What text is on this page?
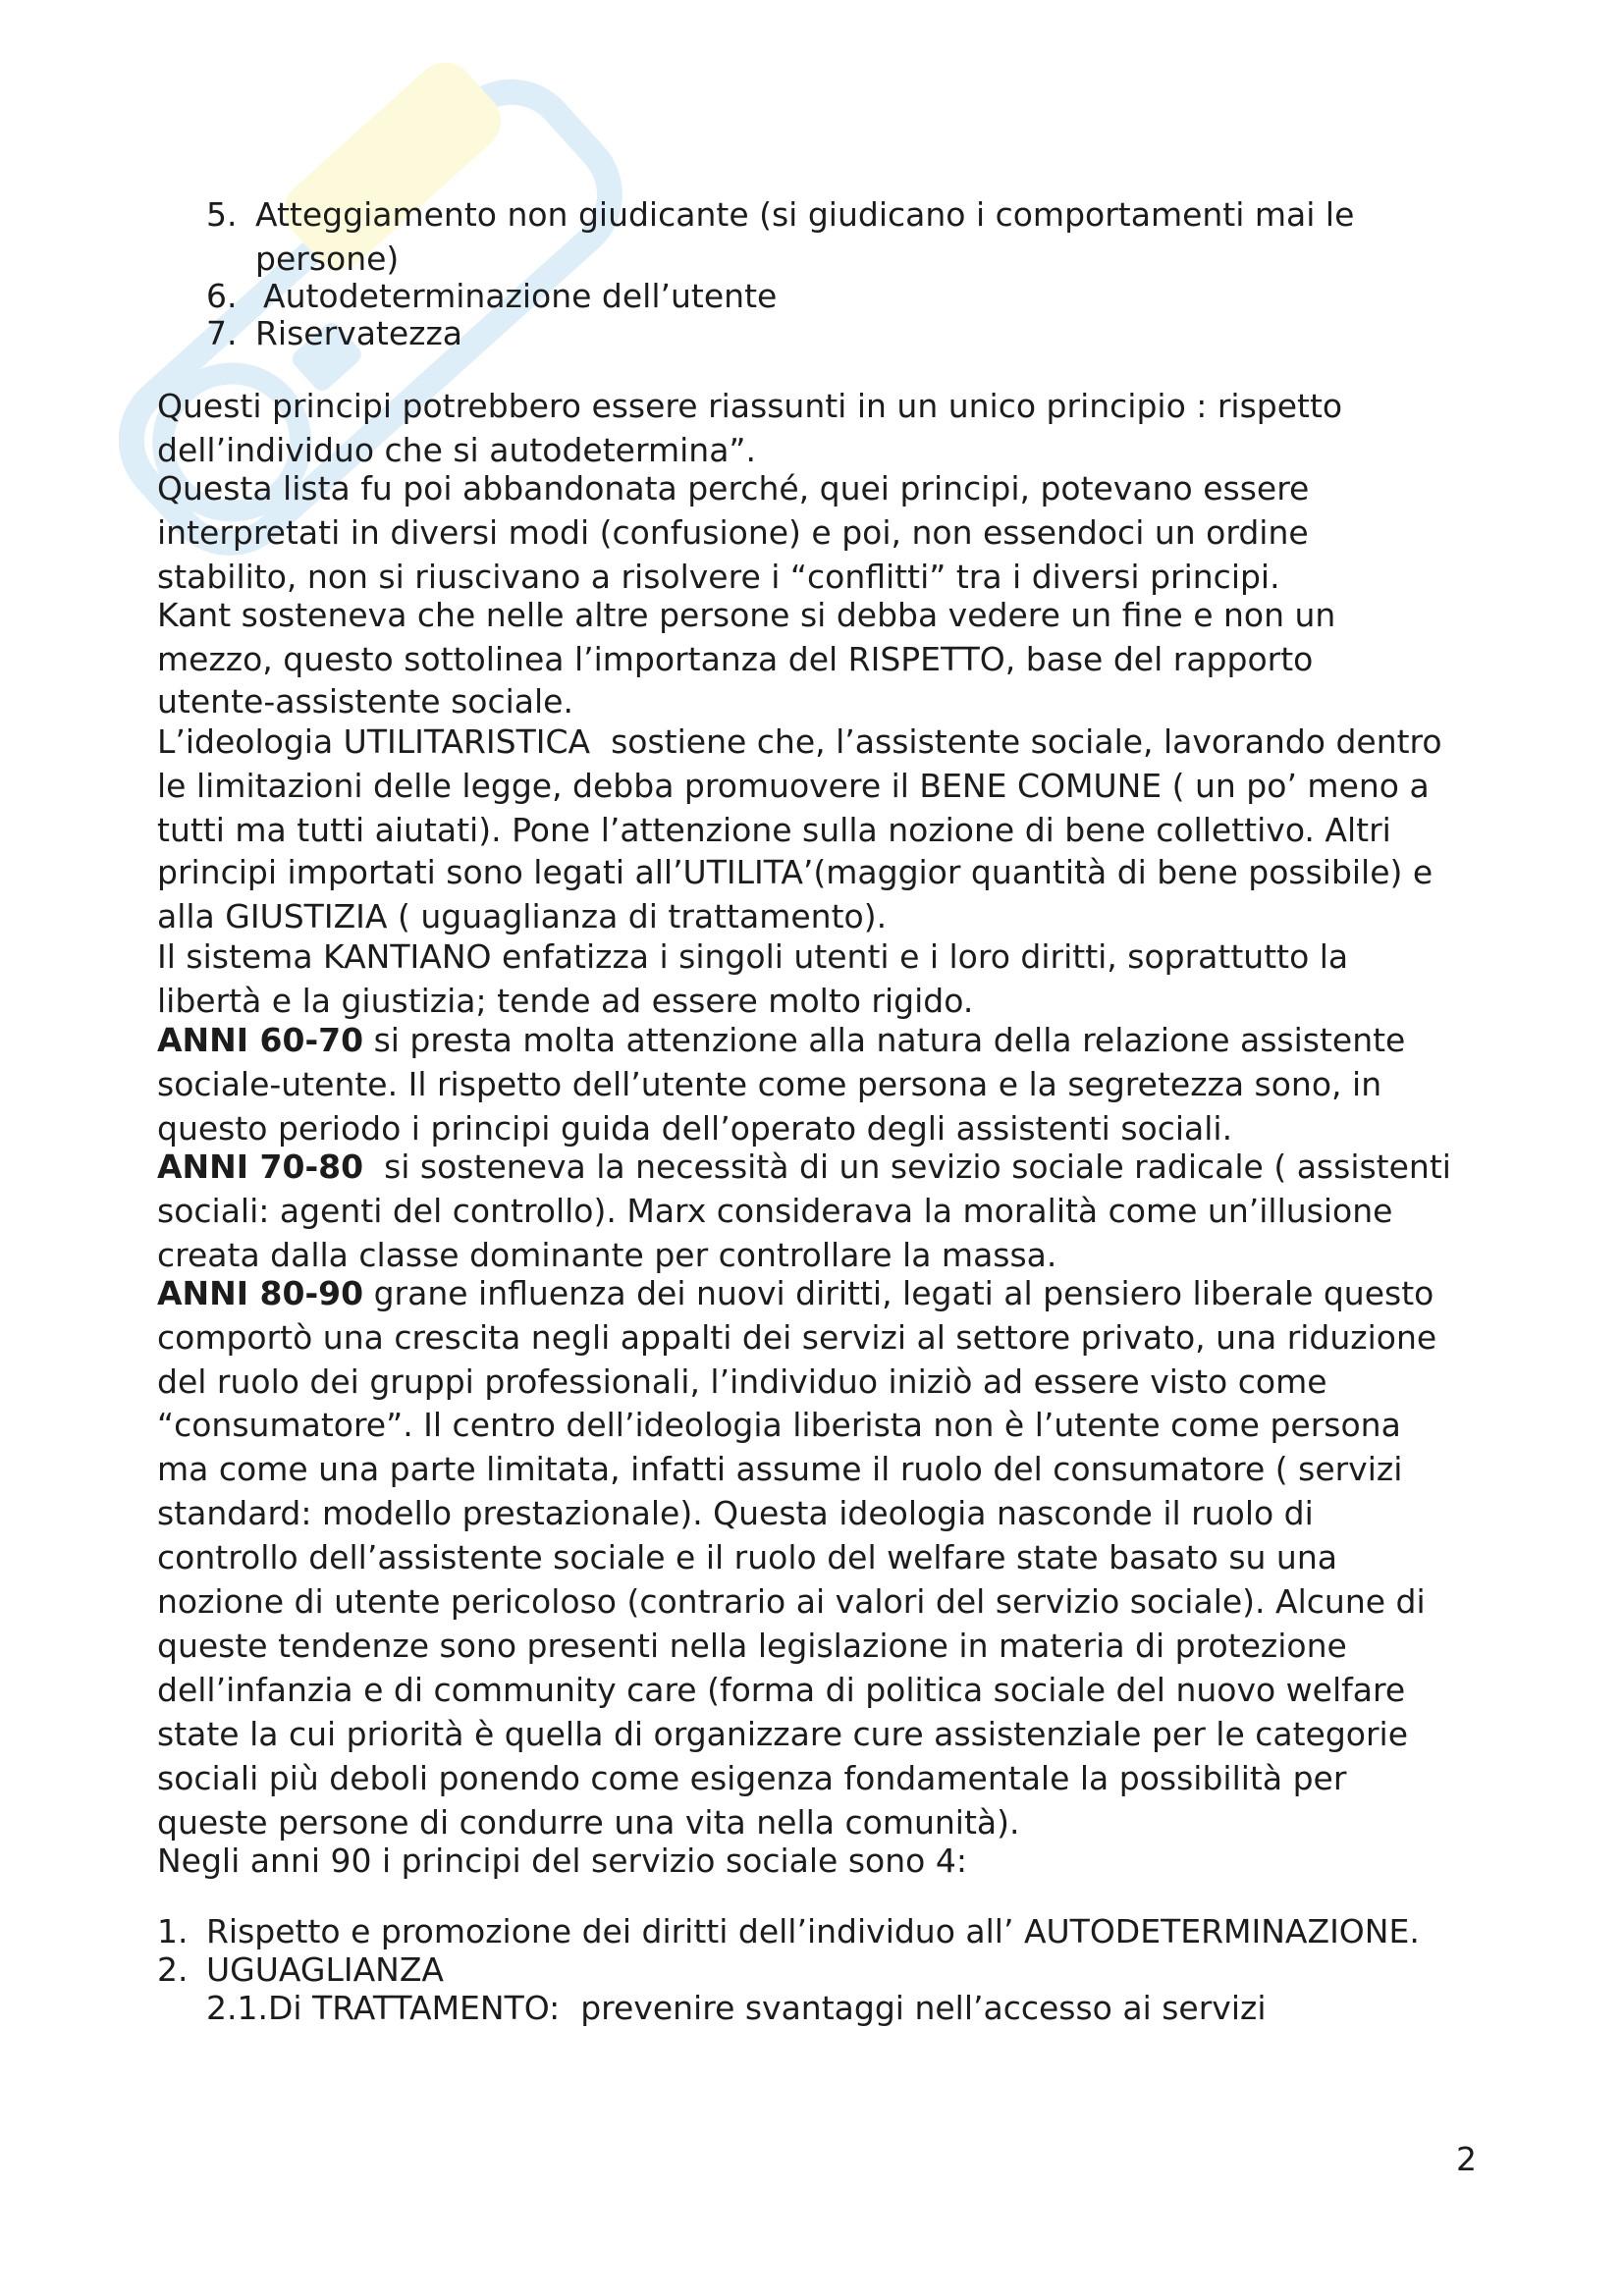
5. Atteggiamento non giudicante (si giudicano i comportamenti mai le
persone)
6. Autodeterminazione dell’utente
7. Riservatezza
Questi principi potrebbero essere riassunti in un unico principio : rispetto
dell’individuo che si autodetermina”.
Questa lista fu poi abbandonata perché, quei principi, potevano essere
interpretati in diversi modi (confusione) e poi, non essendoci un ordine
stabilito, non si riuscivano a risolvere i “conflitti” tra i diversi principi.
Kant sosteneva che nelle altre persone si debba vedere un fine e non un
mezzo, questo sottolinea l’importanza del RISPETTO, base del rapporto
utente-assistente sociale.
L’ideologia UTILITARISTICA  sostiene che, l’assistente sociale, lavorando dentro
le limitazioni delle legge, debba promuovere il BENE COMUNE ( un po’ meno a
tutti ma tutti aiutati). Pone l’attenzione sulla nozione di bene collettivo. Altri
principi importati sono legati all’UTILITA’(maggior quantità di bene possibile) e
alla GIUSTIZIA ( uguaglianza di trattamento).
Il sistema KANTIANO enfatizza i singoli utenti e i loro diritti, soprattutto la
libertà e la giustizia; tende ad essere molto rigido.
ANNI 60-70 si presta molta attenzione alla natura della relazione assistente
sociale-utente. Il rispetto dell’utente come persona e la segretezza sono, in
questo periodo i principi guida dell’operato degli assistenti sociali.
ANNI 70-80  si sosteneva la necessità di un sevizio sociale radicale ( assistenti
sociali: agenti del controllo). Marx considerava la moralità come un’illusione
creata dalla classe dominante per controllare la massa.
ANNI 80-90 grane influenza dei nuovi diritti, legati al pensiero liberale questo
comportò una crescita negli appalti dei servizi al settore privato, una riduzione
del ruolo dei gruppi professionali, l’individuo iniziò ad essere visto come
“consumatore”. Il centro dell’ideologia liberista non è l’utente come persona
ma come una parte limitata, infatti assume il ruolo del consumatore ( servizi
standard: modello prestazionale). Questa ideologia nasconde il ruolo di
controllo dell’assistente sociale e il ruolo del welfare state basato su una
nozione di utente pericoloso (contrario ai valori del servizio sociale). Alcune di
queste tendenze sono presenti nella legislazione in materia di protezione
dell’infanzia e di community care (forma di politica sociale del nuovo welfare
state la cui priorità è quella di organizzare cure assistenziale per le categorie
sociali più deboli ponendo come esigenza fondamentale la possibilità per
queste persone di condurre una vita nella comunità).
Negli anni 90 i principi del servizio sociale sono 4:
1. Rispetto e promozione dei diritti dell’individuo all’ AUTODETERMINAZIONE.
2. UGUAGLIANZA
2.1.Di TRATTAMENTO:  prevenire svantaggi nell’accesso ai servizi
2
